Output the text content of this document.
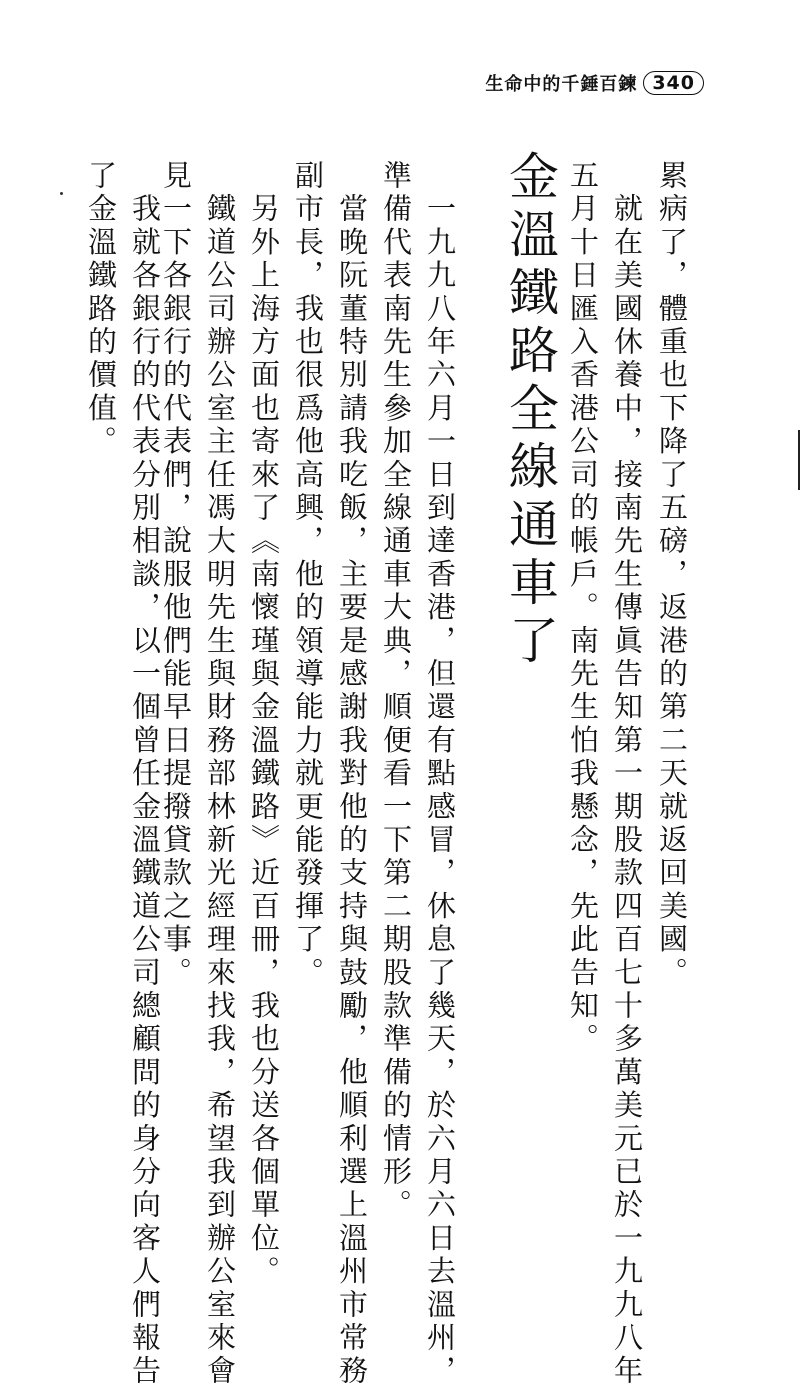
生命中的千錘百鍊 340
累病了，體重也下降了五磅，返港的第二天就返回美國。
　就在美國休養中，接南先生傳眞告知第一期股款四百七十多萬美元已於一九九八年
五月十日匯入香港公司的帳戶。南先生怕我懸念，先此告知。
金溫鐵路全線通車了
　一九九八年六月一日到達香港，但還有點感冒，休息了幾天，於六月六日去溫州，
準備代表南先生參加全線通車大典，順便看一下第二期股款準備的情形。
　當晚阮董特別請我吃飯，主要是感謝我對他的支持與鼓勵，他順利選上溫州市常務
副市長，我也很爲他高興，他的領導能力就更能發揮了。
　另外上海方面也寄來了《南懷瑾與金溫鐵路》近百冊，我也分送各個單位。
　鐵道公司辦公室主任馮大明先生與財務部林新光經理來找我，希望我到辦公室來會
見一下各銀行的代表們，說服他們能早日提撥貸款之事。
　我就各銀行的代表分別相談，以一個曾任金溫鐵道公司總顧問的身分向客人們報告
了金溫鐵路的價值。
